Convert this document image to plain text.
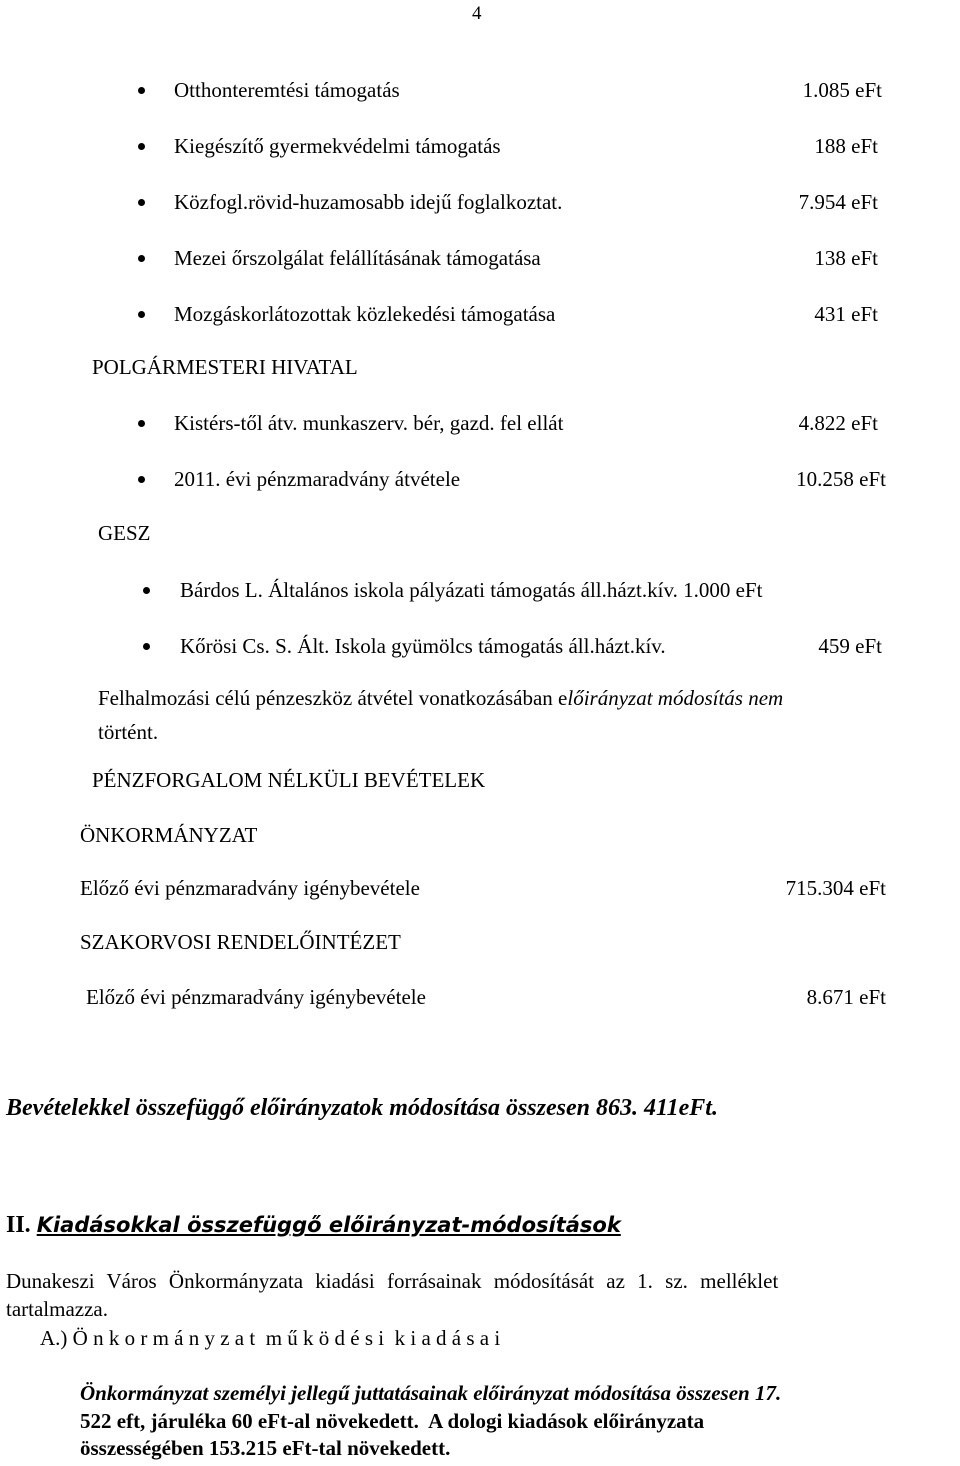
4
Otthonteremtési támogatás	1.085 eFt
Kiegészítő gyermekvédelmi támogatás	188 eFt
Közfogl.rövid-huzamosabb idejű foglalkoztat.	7.954 eFt
Mezei őrszolgálat felállításának támogatása	138 eFt
Mozgáskorlátozottak közlekedési támogatása	431 eFt
POLGÁRMESTERI HIVATAL
Kistérs-től átv. munkaszerv. bér, gazd. fel ellát	4.822 eFt
2011. évi pénzmaradvány átvétele	10.258 eFt
GESZ
Bárdos L. Általános iskola pályázati támogatás áll.házt.kív. 1.000 eFt
Kőrösi Cs. S. Ált. Iskola gyümölcs támogatás áll.házt.kív.	459 eFt
Felhalmozási célú pénzeszköz átvétel vonatkozásában előirányzat módosítás nem
történt.
PÉNZFORGALOM NÉLKÜLI BEVÉTELEK
ÖNKORMÁNYZAT
Előző évi pénzmaradvány igénybevétele	715.304 eFt
SZAKORVOSI RENDELŐINTÉZET
Előző évi pénzmaradvány igénybevétele	8.671 eFt
Bevételekkel összefüggő előirányzatok módosítása összesen 863. 411eFt.
II. Kiadásokkal összefüggő előirányzat-módosítások
Dunakeszi Város Önkormányzata kiadási forrásainak módosítását az 1. sz. melléklet
tartalmazza.
A.) Ö n k o r m á n y z a t  m ű k ö d é s i  k i a d á s a i
Önkormányzat személyi jellegű juttatásainak előirányzat módosítása összesen 17.
522 eft, járuléka 60 eFt-al növekedett.  A dologi kiadások előirányzata
összességében 153.215 eFt-tal növekedett.
